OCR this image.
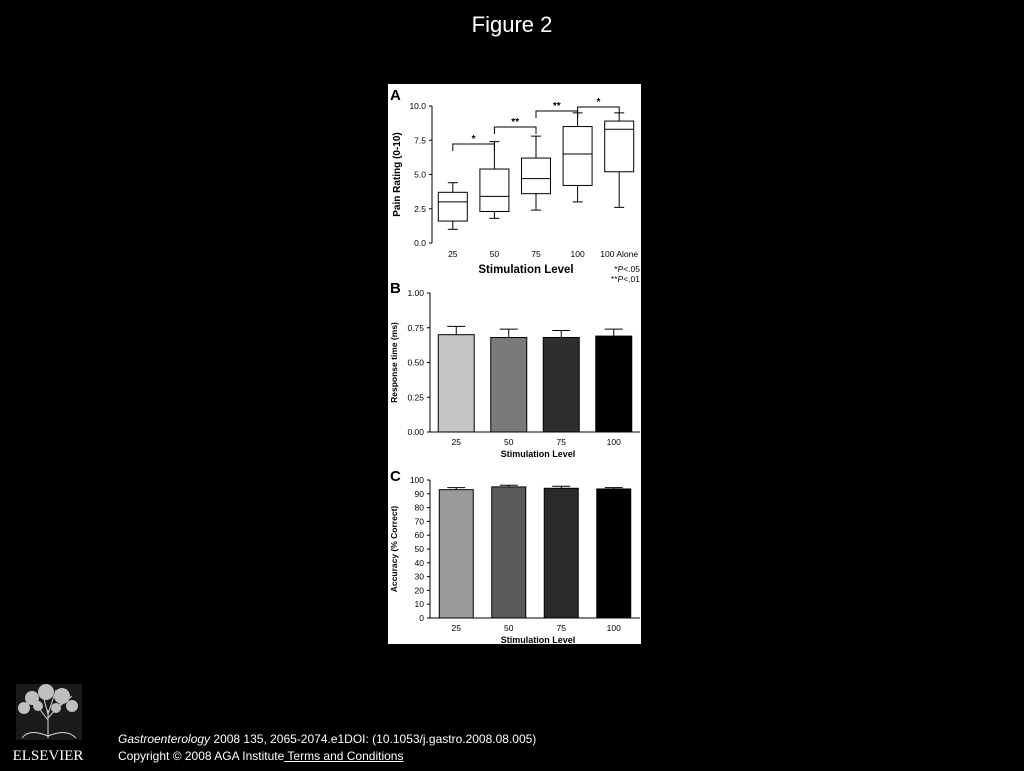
Figure 2
A
0.0
2.5
5.0
7.5
10.0
Pain Rating (0-10)
25	50	75	100 100 Alone
Stimulation Level
*
**
**	*
*P<.05
**P<.01
B
0.00
0.25
0.50
0.75
1.00
Response time (ms)
25	50	75	100
Stimulation Level
C
0
10
20
30
40
50
60
70
80
90
100
Accuracy (% Correct)
25	50	75	100
Stimulation Level
ELSEVIER
Gastroenterology 2008 135, 2065-2074.e1DOI: (10.1053/j.gastro.2008.08.005)
Copyright © 2008 AGA Institute Terms and Conditions
